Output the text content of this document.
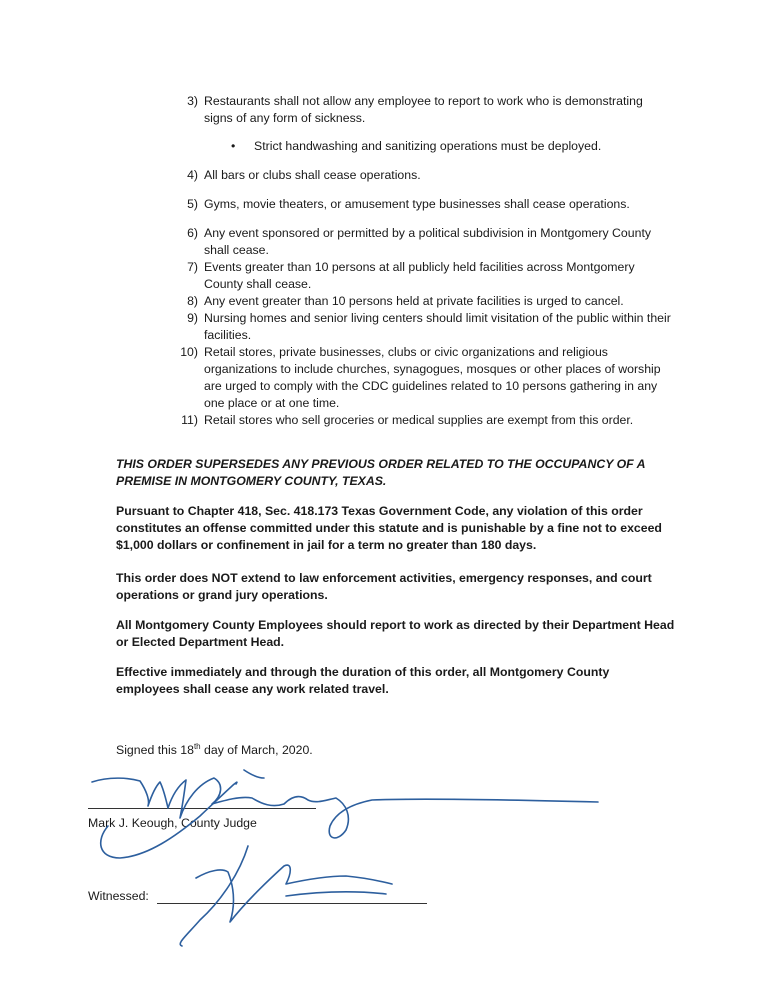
3) Restaurants shall not allow any employee to report to work who is demonstrating signs of any form of sickness.
• Strict handwashing and sanitizing operations must be deployed.
4) All bars or clubs shall cease operations.
5) Gyms, movie theaters, or amusement type businesses shall cease operations.
6) Any event sponsored or permitted by a political subdivision in Montgomery County shall cease.
7) Events greater than 10 persons at all publicly held facilities across Montgomery County shall cease.
8) Any event greater than 10 persons held at private facilities is urged to cancel.
9) Nursing homes and senior living centers should limit visitation of the public within their facilities.
10) Retail stores, private businesses, clubs or civic organizations and religious organizations to include churches, synagogues, mosques or other places of worship are urged to comply with the CDC guidelines related to 10 persons gathering in any one place or at one time.
11) Retail stores who sell groceries or medical supplies are exempt from this order.
THIS ORDER SUPERSEDES ANY PREVIOUS ORDER RELATED TO THE OCCUPANCY OF A PREMISE IN MONTGOMERY COUNTY, TEXAS.
Pursuant to Chapter 418, Sec. 418.173 Texas Government Code, any violation of this order constitutes an offense committed under this statute and is punishable by a fine not to exceed $1,000 dollars or confinement in jail for a term no greater than 180 days.
This order does NOT extend to law enforcement activities, emergency responses, and court operations or grand jury operations.
All Montgomery County Employees should report to work as directed by their Department Head or Elected Department Head.
Effective immediately and through the duration of this order, all Montgomery County employees shall cease any work related travel.
Signed this 18th day of March, 2020.
Mark J. Keough, County Judge
Witnessed:
